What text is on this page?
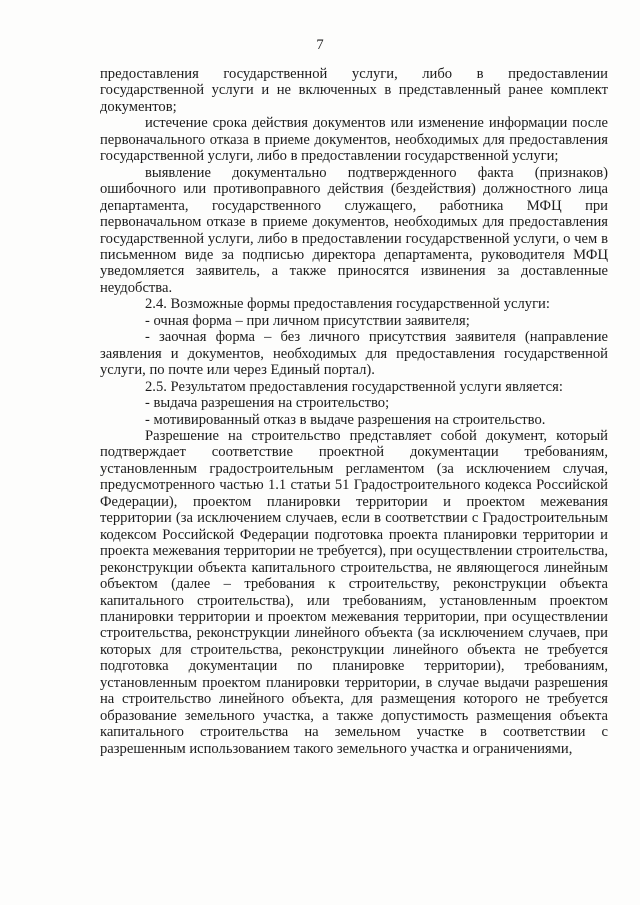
7

предоставления государственной услуги, либо в предоставлении государственной услуги и не включенных в представленный ранее комплект документов;

истечение срока действия документов или изменение информации после первоначального отказа в приеме документов, необходимых для предоставления государственной услуги, либо в предоставлении государственной услуги;

выявление документально подтвержденного факта (признаков) ошибочного или противоправного действия (бездействия) должностного лица департамента, государственного служащего, работника МФЦ при первоначальном отказе в приеме документов, необходимых для предоставления государственной услуги, либо в предоставлении государственной услуги, о чем в письменном виде за подписью директора департамента, руководителя МФЦ уведомляется заявитель, а также приносятся извинения за доставленные неудобства.

2.4. Возможные формы предоставления государственной услуги:

- очная форма – при личном присутствии заявителя;

- заочная форма – без личного присутствия заявителя (направление заявления и документов, необходимых для предоставления государственной услуги, по почте или через Единый портал).

2.5. Результатом предоставления государственной услуги является:

- выдача разрешения на строительство;

- мотивированный отказ в выдаче разрешения на строительство.

Разрешение на строительство представляет собой документ, который подтверждает соответствие проектной документации требованиям, установленным градостроительным регламентом (за исключением случая, предусмотренного частью 1.1 статьи 51 Градостроительного кодекса Российской Федерации), проектом планировки территории и проектом межевания территории (за исключением случаев, если в соответствии с Градостроительным кодексом Российской Федерации подготовка проекта планировки территории и проекта межевания территории не требуется), при осуществлении строительства, реконструкции объекта капитального строительства, не являющегося линейным объектом (далее – требования к строительству, реконструкции объекта капитального строительства), или требованиям, установленным проектом планировки территории и проектом межевания территории, при осуществлении строительства, реконструкции линейного объекта (за исключением случаев, при которых для строительства, реконструкции линейного объекта не требуется подготовка документации по планировке территории), требованиям, установленным проектом планировки территории, в случае выдачи разрешения на строительство линейного объекта, для размещения которого не требуется образование земельного участка, а также допустимость размещения объекта капитального строительства на земельном участке в соответствии с разрешенным использованием такого земельного участка и ограничениями,
